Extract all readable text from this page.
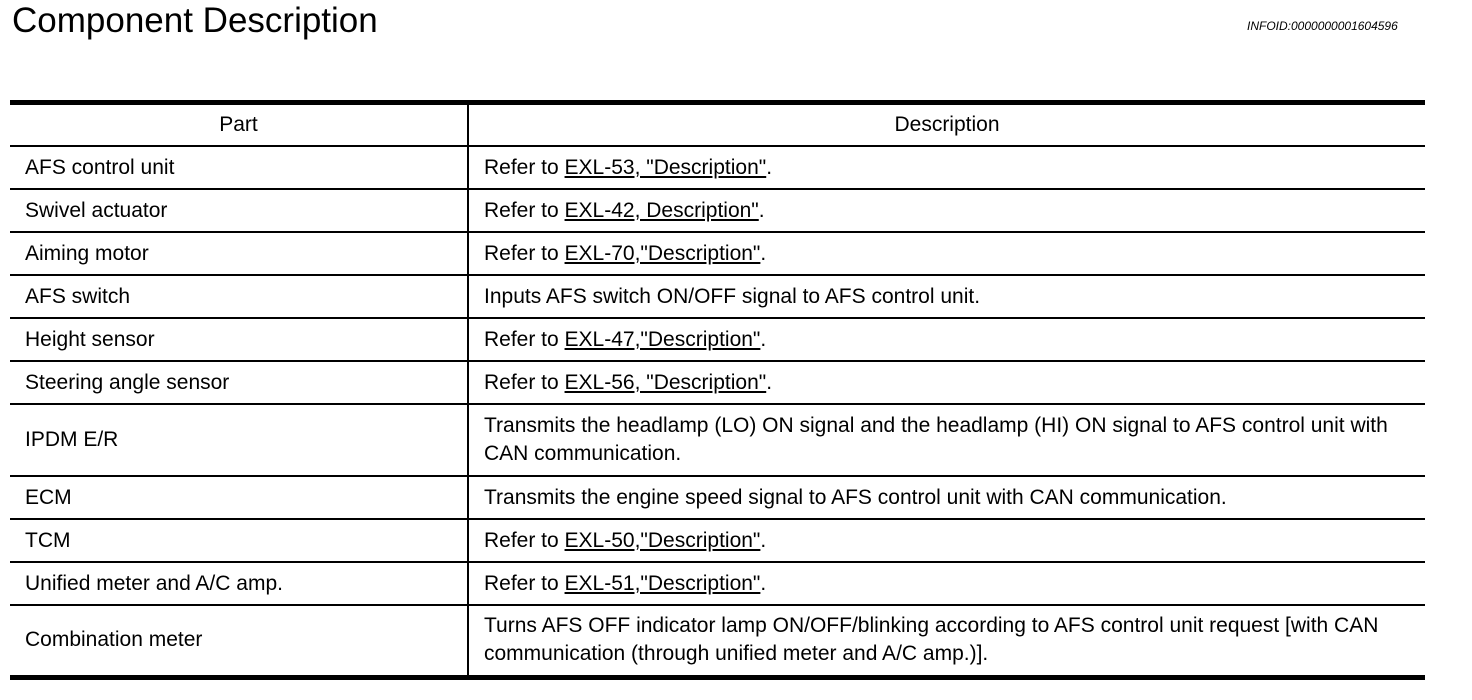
Component Description	INFOID:0000000001604596
Part	Description
AFS control unit	Refer to EXL-53, "Description".
Swivel actuator	Refer to EXL-42, Description".
Aiming motor	Refer to EXL-70,"Description".
AFS switch	Inputs AFS switch ON/OFF signal to AFS control unit.
Height sensor	Refer to EXL-47,"Description".
Steering angle sensor	Refer to EXL-56, "Description".
IPDM E/R	Transmits the headlamp (LO) ON signal and the headlamp (HI) ON signal to AFS control unit with CAN communication.
ECM	Transmits the engine speed signal to AFS control unit with CAN communication.
TCM	Refer to EXL-50,"Description".
Unified meter and A/C amp.	Refer to EXL-51,"Description".
Combination meter	Turns AFS OFF indicator lamp ON/OFF/blinking according to AFS control unit request [with CAN communication (through unified meter and A/C amp.)].
